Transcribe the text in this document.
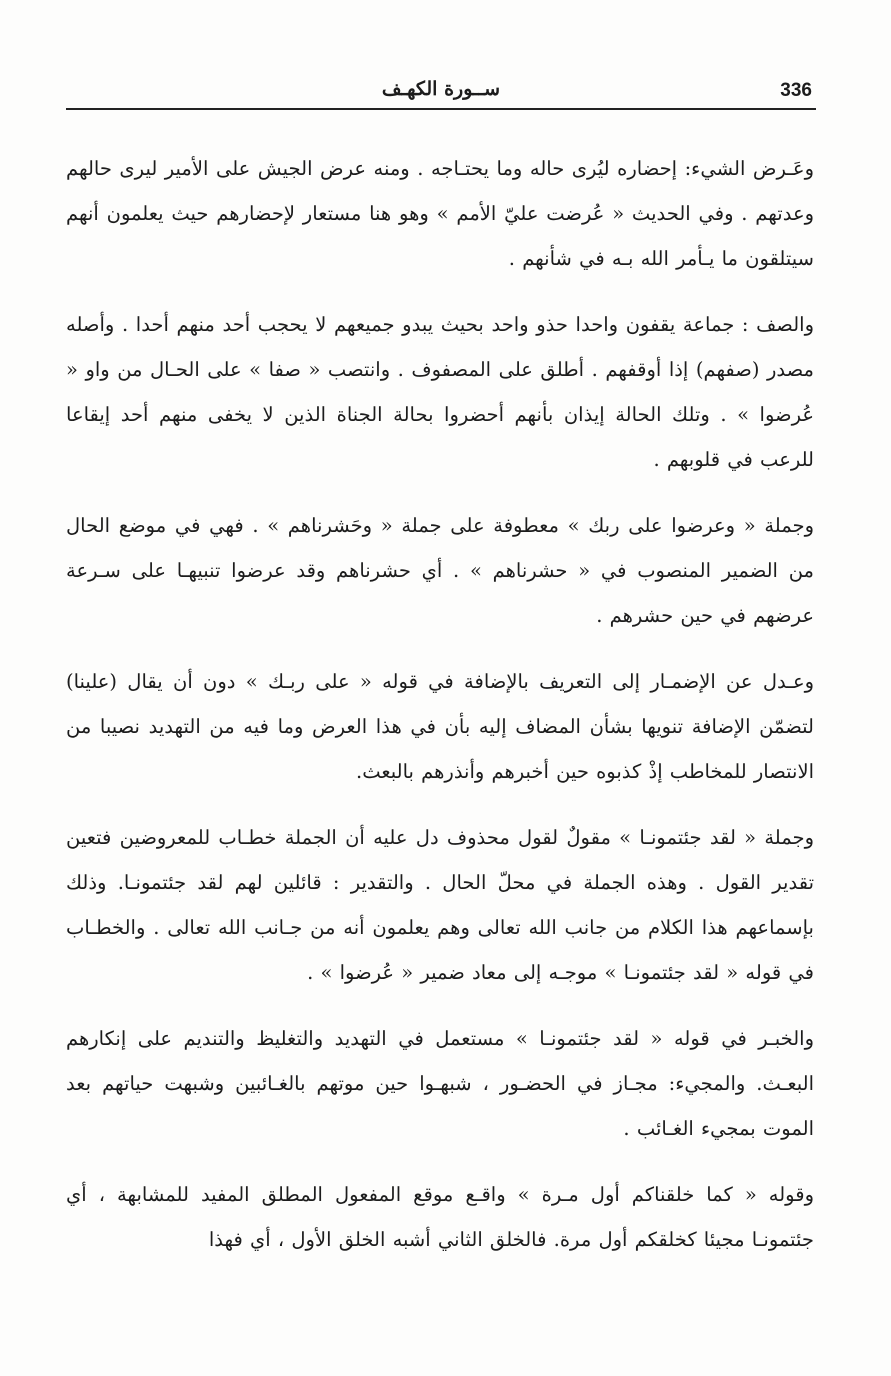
336
ســورة الكهـف

وعَـرض الشيء: إحضاره ليُرى حاله وما يحتـاجه . ومنه عرض الجيش على الأمير ليرى حالهم وعدتهم . وفي الحديث « عُرضت عليّ الأمم » وهو هنا مستعار لإحضارهم حيث يعلمون أنهم سيتلقون ما يـأمر الله بـه في شأنهم .

والصف : جماعة يقفون واحدا حذو واحد بحيث يبدو جميعهم لا يحجب أحد منهم أحدا . وأصله مصدر (صفهم) إذا أوقفهم . أطلق على المصفوف . وانتصب « صفا » على الحـال من واو « عُرضوا » . وتلك الحالة إيذان بأنهم أحضروا بحالة الجناة الذين لا يخفى منهم أحد إيقاعا للرعب في قلوبهم .

وجملة « وعرضوا على ربك » معطوفة على جملة « وحَشرناهم » . فهي في موضع الحال من الضمير المنصوب في « حشرناهم » . أي حشرناهم وقد عرضوا تنبيهـا على سـرعة عرضهم في حين حشرهم .

وعـدل عن الإضمـار إلى التعريف بالإضافة في قوله « على ربـك » دون أن يقال (علينا) لتضمّن الإضافة تنويها بشأن المضاف إليه بأن في هذا العرض وما فيه من التهديد نصيبا من الانتصار للمخاطب إذْ كذبوه حين أخبرهم وأنذرهم بالبعث.

وجملة « لقد جئتمونـا » مقولٌ لقول محذوف دل عليه أن الجملة خطـاب للمعروضين فتعين تقدير القول . وهذه الجملة في محلّ الحال . والتقدير : قائلين لهم لقد جئتمونـا. وذلك بإسماعهم هذا الكلام من جانب الله تعالى وهم يعلمون أنه من جـانب الله تعالى . والخطـاب في قوله « لقد جئتمونـا » موجـه إلى معاد ضمير « عُرضوا » .

والخبـر في قوله « لقد جئتمونـا » مستعمل في التهديد والتغليظ والتنديم على إنكارهم البعـث. والمجيء: مجـاز في الحضـور ، شبهـوا حين موتهم بالغـائبين وشبهت حياتهم بعد الموت بمجيء الغـائب .

وقوله « كما خلقناكم أول مـرة » واقـع موقع المفعول المطلق المفيد للمشابهة ، أي جئتمونـا مجيئا كخلقكم أول مرة. فالخلق الثاني أشبه الخلق الأول ، أي فهذا
